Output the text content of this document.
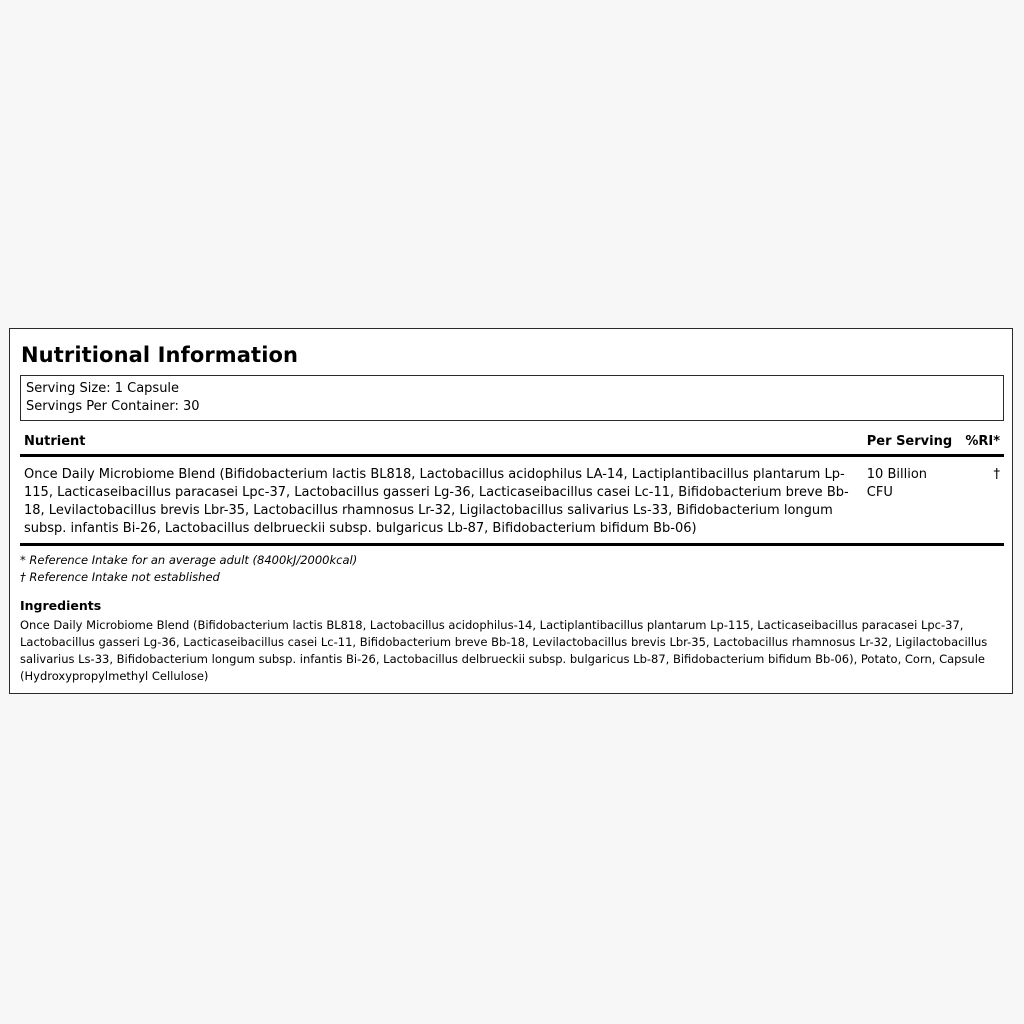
Nutritional Information
Serving Size: 1 Capsule
Servings Per Container: 30
Nutrient	Per Serving	%RI*
Once Daily Microbiome Blend (Bifidobacterium lactis BL818, Lactobacillus acidophilus LA-14, Lactiplantibacillus plantarum Lp-115, Lacticaseibacillus paracasei Lpc-37, Lactobacillus gasseri Lg-36, Lacticaseibacillus casei Lc-11, Bifidobacterium breve Bb-18, Levilactobacillus brevis Lbr-35, Lactobacillus rhamnosus Lr-32, Ligilactobacillus salivarius Ls-33, Bifidobacterium longum subsp. infantis Bi-26, Lactobacillus delbrueckii subsp. bulgaricus Lb-87, Bifidobacterium bifidum Bb-06)	10 Billion CFU	†
* Reference Intake for an average adult (8400kJ/2000kcal)
† Reference Intake not established
Ingredients
Once Daily Microbiome Blend (Bifidobacterium lactis BL818, Lactobacillus acidophilus-14, Lactiplantibacillus plantarum Lp-115, Lacticaseibacillus paracasei Lpc-37, Lactobacillus gasseri Lg-36, Lacticaseibacillus casei Lc-11, Bifidobacterium breve Bb-18, Levilactobacillus brevis Lbr-35, Lactobacillus rhamnosus Lr-32, Ligilactobacillus salivarius Ls-33, Bifidobacterium longum subsp. infantis Bi-26, Lactobacillus delbrueckii subsp. bulgaricus Lb-87, Bifidobacterium bifidum Bb-06), Potato, Corn, Capsule (Hydroxypropylmethyl Cellulose)
